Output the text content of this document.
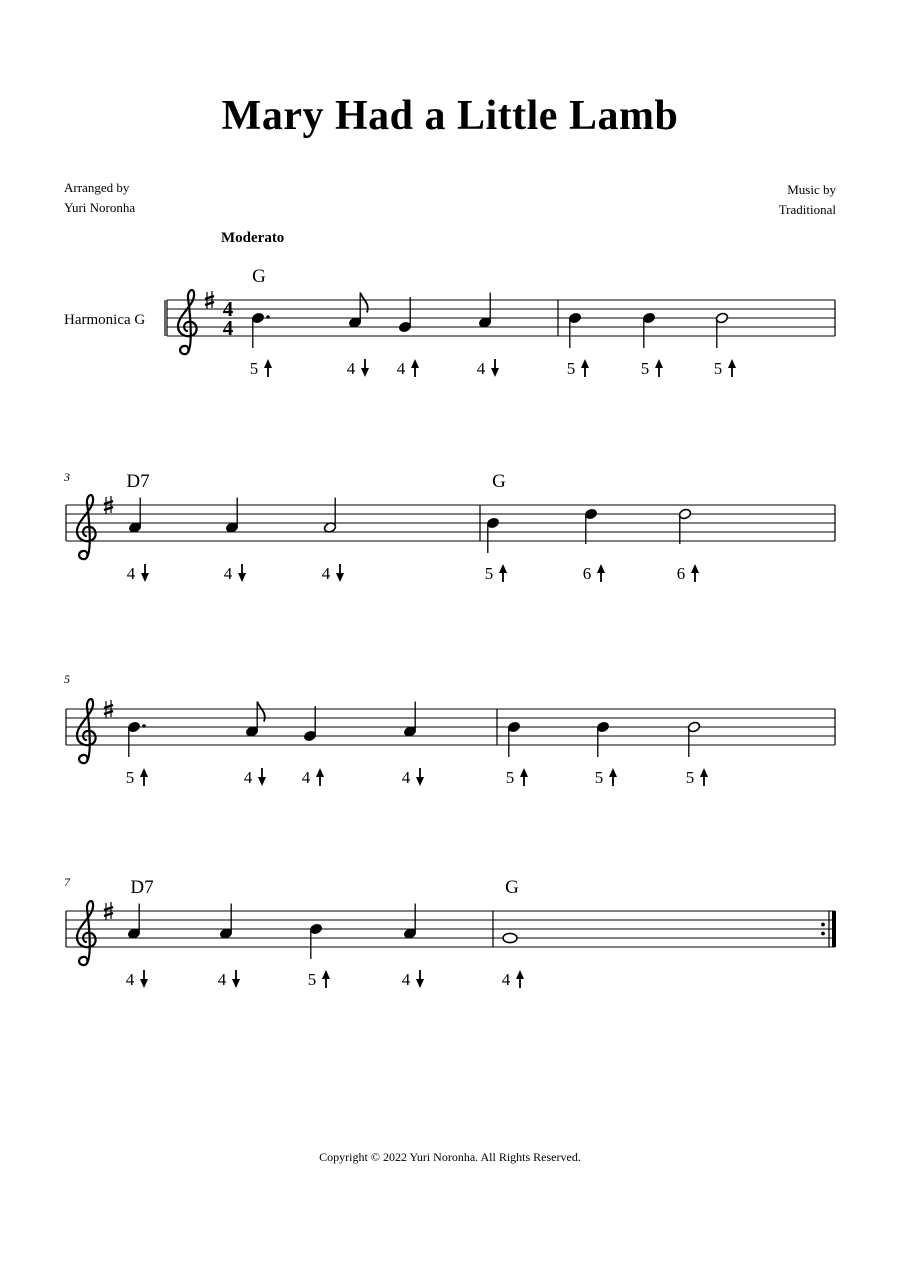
Mary Had a Little Lamb
Arranged by
Yuri Noronha
Music by
Traditional
Moderato
Harmonica G	4
4
G
5	4 4	4	5	5	5
3	D7
4	4	4
G
5	6	6
5
5	4	4	4	5	5	5
7	D7
4	4	5	4
G
4
Copyright © 2022 Yuri Noronha. All Rights Reserved.
